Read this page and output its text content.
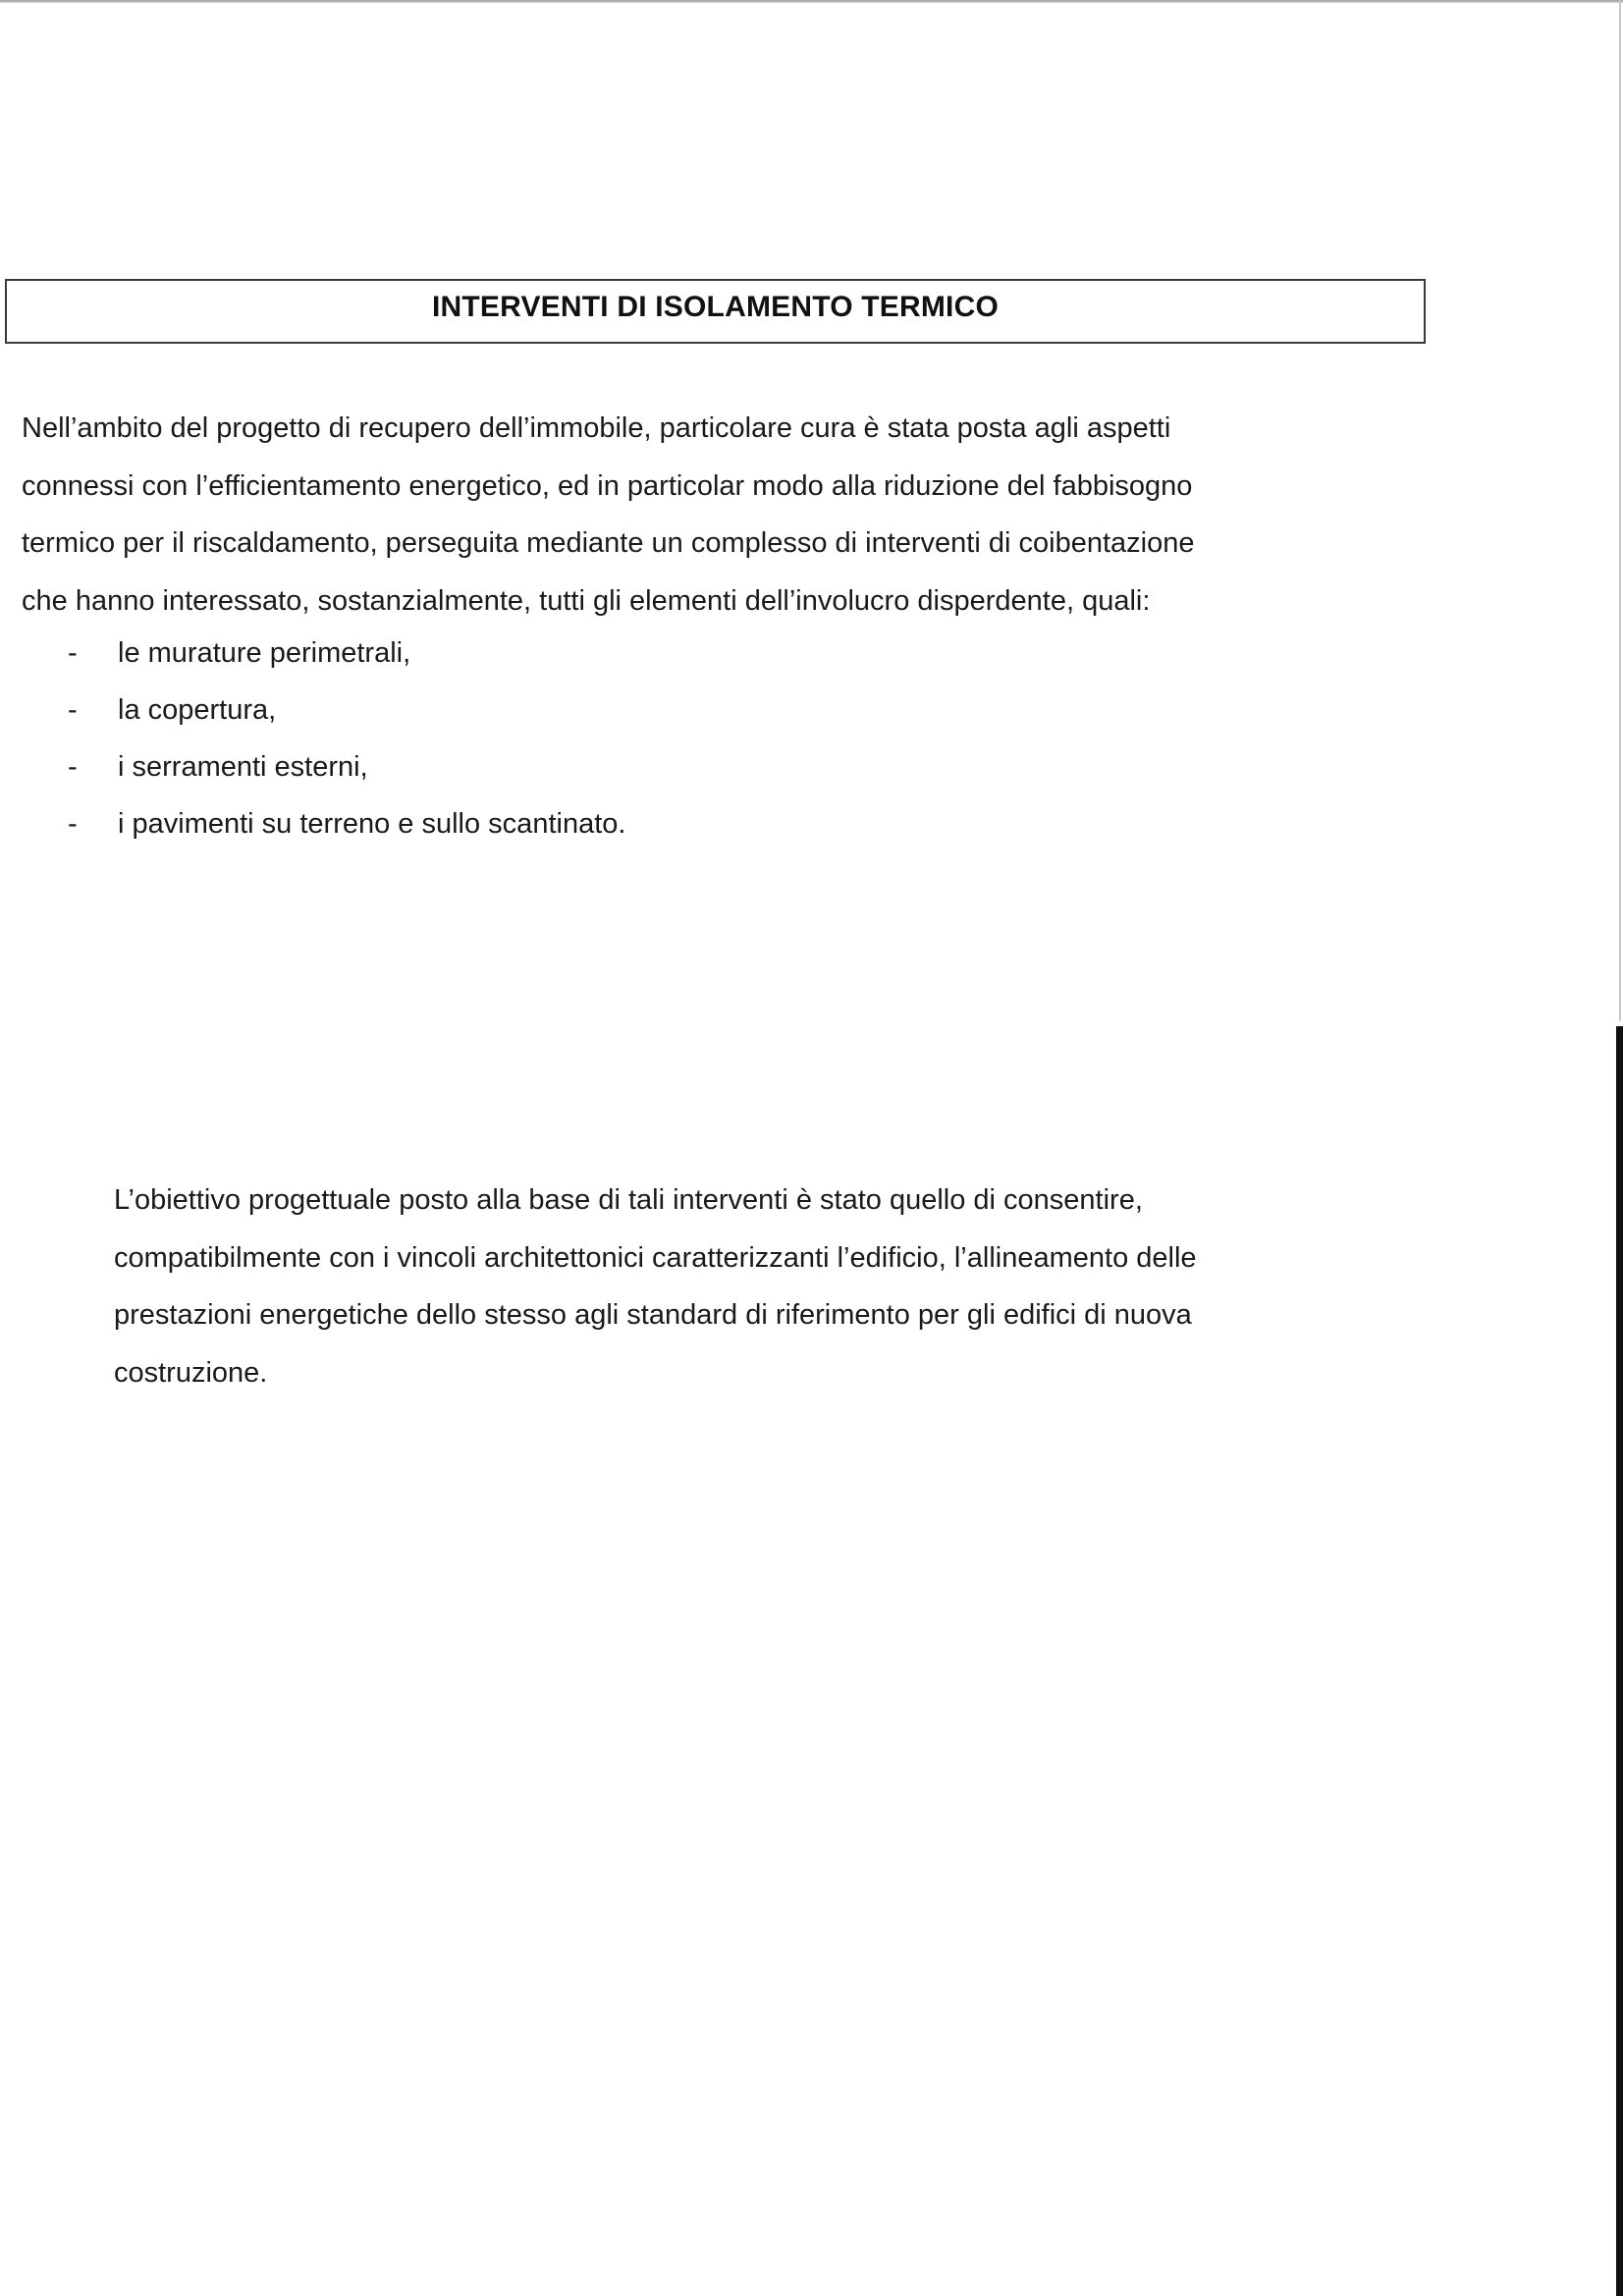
INTERVENTI DI ISOLAMENTO TERMICO

Nell’ambito del progetto di recupero dell’immobile, particolare cura è stata posta agli aspetti
connessi con l’efficientamento energetico, ed in particolar modo alla riduzione del fabbisogno
termico per il riscaldamento, perseguita mediante un complesso di interventi di coibentazione
che hanno interessato, sostanzialmente, tutti gli elementi dell’involucro disperdente, quali:

- le murature perimetrali,
- la copertura,
- i serramenti esterni,
- i pavimenti su terreno e sullo scantinato.

L’obiettivo progettuale posto alla base di tali interventi è stato quello di consentire,
compatibilmente con i vincoli architettonici caratterizzanti l’edificio, l’allineamento delle
prestazioni energetiche dello stesso agli standard di riferimento per gli edifici di nuova
costruzione.
